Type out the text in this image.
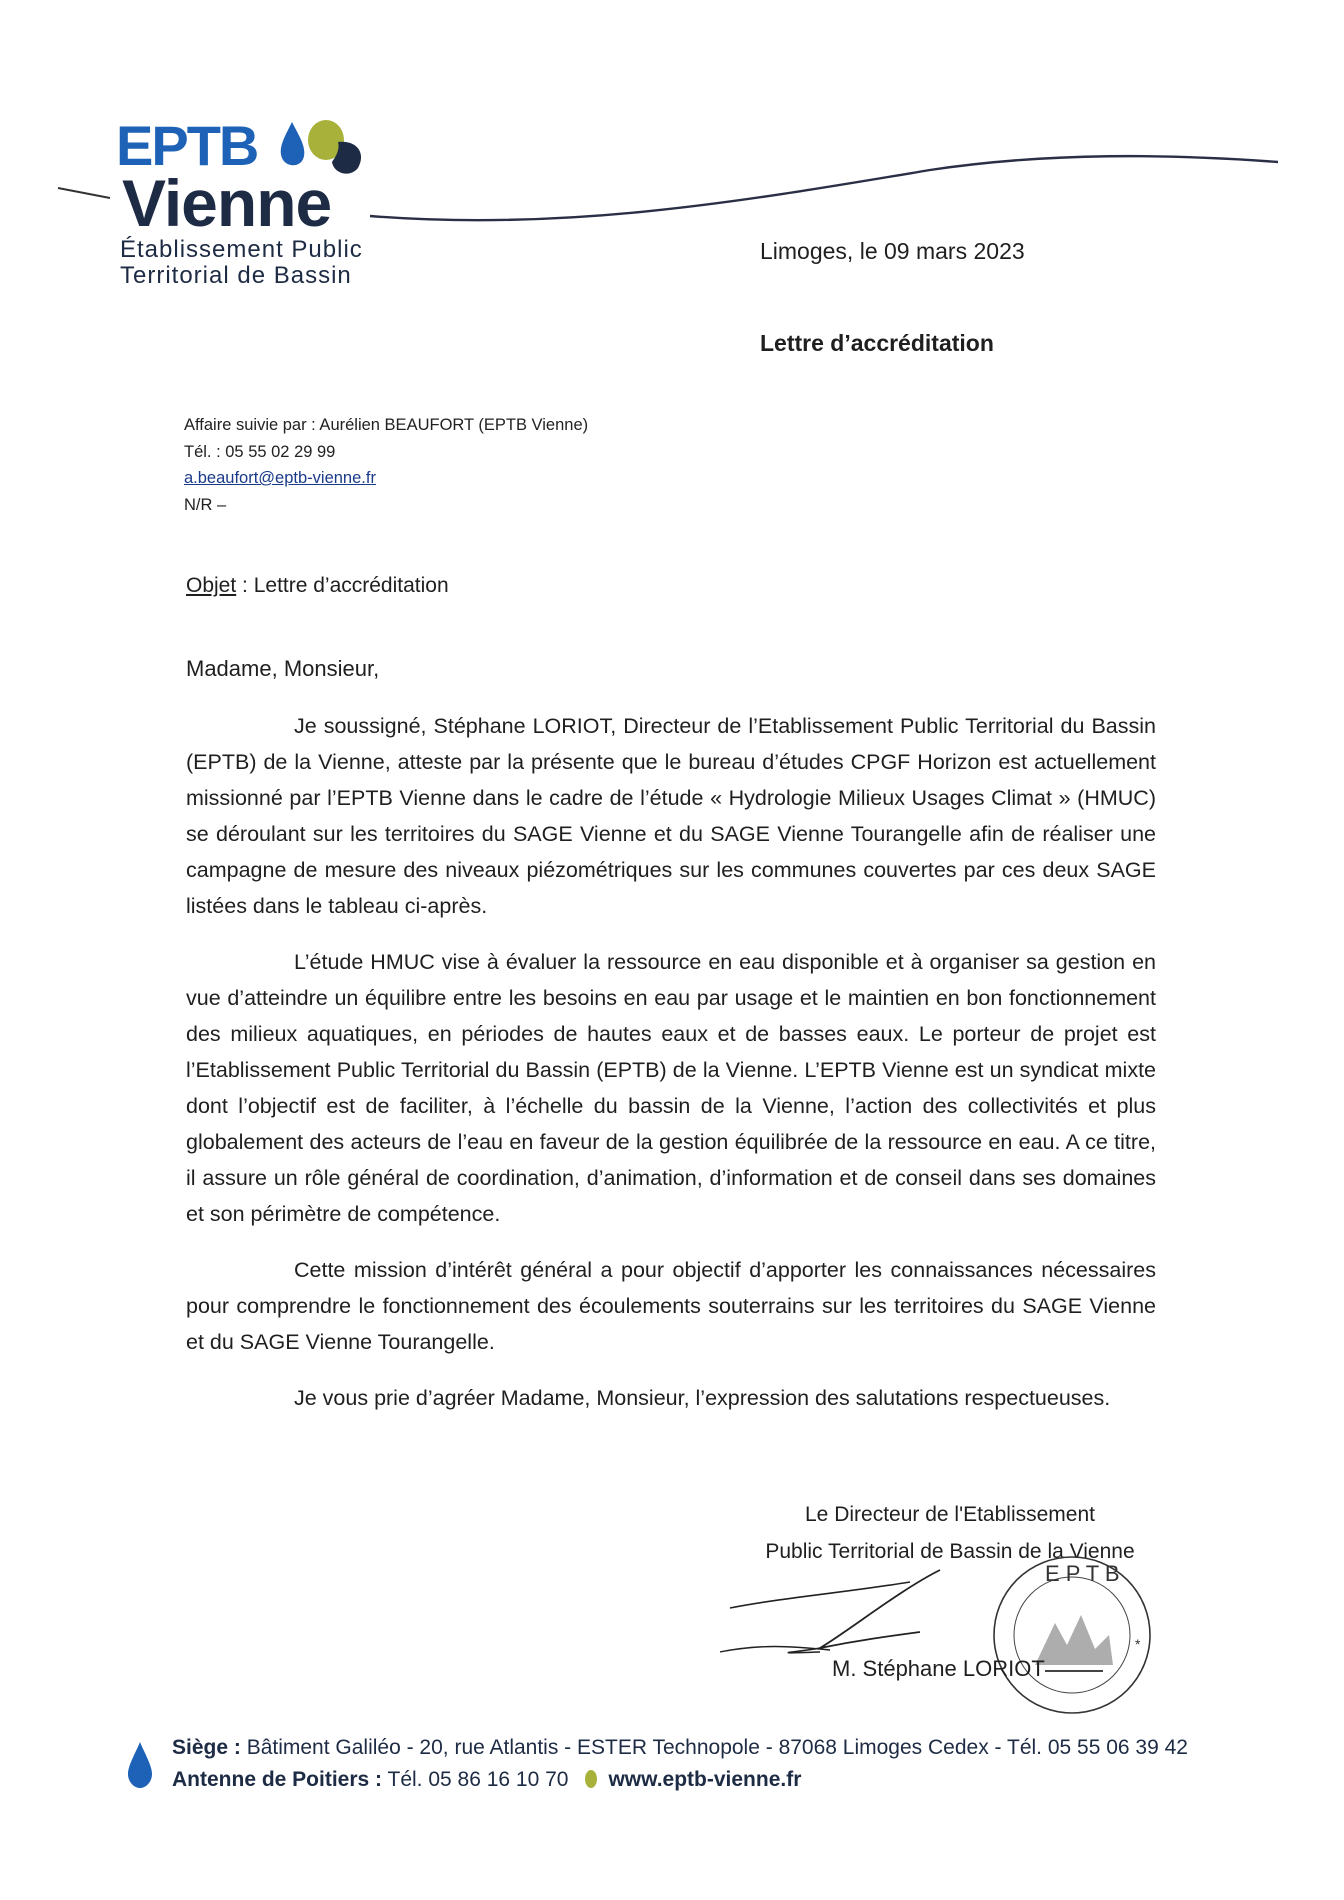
EPTB
Vienne
Établissement Public
Territorial de Bassin
Limoges, le 09 mars 2023
Lettre d’accréditation
Affaire suivie par : Aurélien BEAUFORT (EPTB Vienne)
Tél. : 05 55 02 29 99
a.beaufort@eptb-vienne.fr
N/R –
Objet : Lettre d’accréditation
Madame, Monsieur,
Je soussigné, Stéphane LORIOT, Directeur de l’Etablissement Public Territorial du Bassin (EPTB) de la Vienne, atteste par la présente que le bureau d’études CPGF Horizon est actuellement missionné par l’EPTB Vienne dans le cadre de l’étude « Hydrologie Milieux Usages Climat » (HMUC) se déroulant sur les territoires du SAGE Vienne et du SAGE Vienne Tourangelle afin de réaliser une campagne de mesure des niveaux piézométriques sur les communes couvertes par ces deux SAGE listées dans le tableau ci-après.
L’étude HMUC vise à évaluer la ressource en eau disponible et à organiser sa gestion en vue d’atteindre un équilibre entre les besoins en eau par usage et le maintien en bon fonctionnement des milieux aquatiques, en périodes de hautes eaux et de basses eaux. Le porteur de projet est l’Etablissement Public Territorial du Bassin (EPTB) de la Vienne. L’EPTB Vienne est un syndicat mixte dont l’objectif est de faciliter, à l’échelle du bassin de la Vienne, l’action des collectivités et plus globalement des acteurs de l’eau en faveur de la gestion équilibrée de la ressource en eau. A ce titre, il assure un rôle général de coordination, d’animation, d’information et de conseil dans ses domaines et son périmètre de compétence.
Cette mission d’intérêt général a pour objectif d’apporter les connaissances nécessaires pour comprendre le fonctionnement des écoulements souterrains sur les territoires du SAGE Vienne et du SAGE Vienne Tourangelle.
Je vous prie d’agréer Madame, Monsieur, l’expression des salutations respectueuses.
Le Directeur de l'Etablissement
Public Territorial de Bassin de la Vienne
E P T B
*
M. Stéphane LORIOT
Siège : Bâtiment Galiléo - 20, rue Atlantis - ESTER Technopole - 87068 Limoges Cedex - Tél. 05 55 06 39 42
Antenne de Poitiers : Tél. 05 86 16 10 70 www.eptb-vienne.fr
